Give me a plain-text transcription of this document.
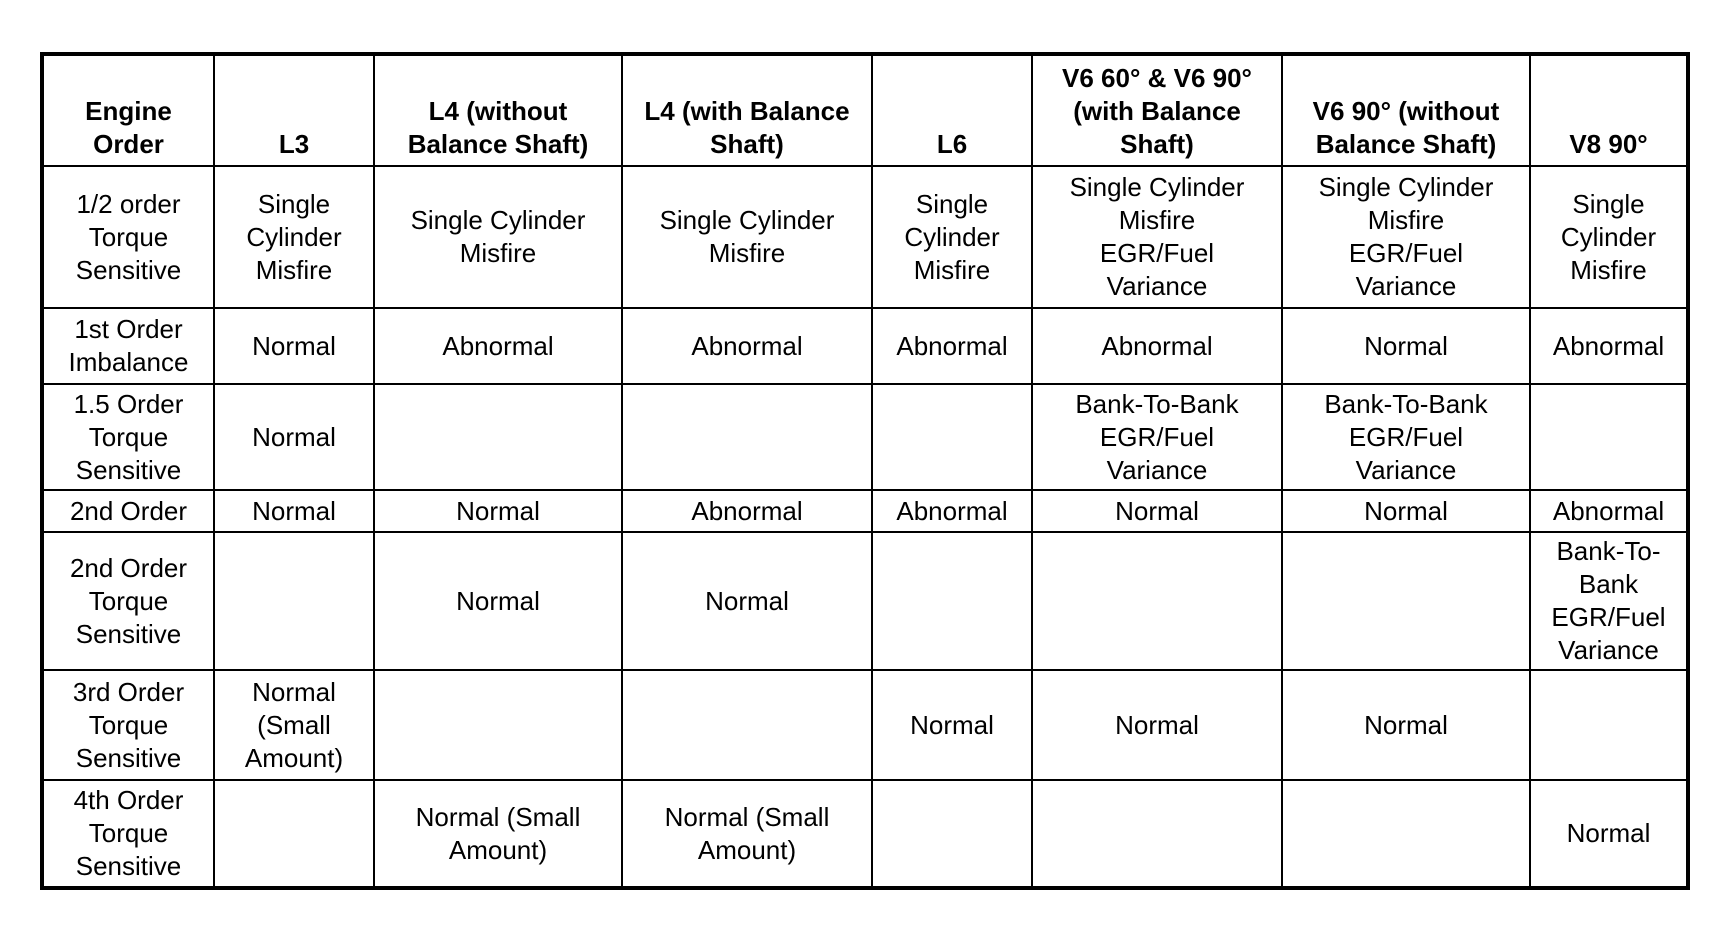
Engine
Order	L3	L4 (without
Balance Shaft)	L4 (with Balance
Shaft)	L6	V6 60° & V6 90°
(with Balance
Shaft)	V6 90° (without
Balance Shaft)	V8 90°
1/2 order
Torque
Sensitive	Single
Cylinder
Misfire	Single Cylinder
Misfire	Single Cylinder
Misfire	Single
Cylinder
Misfire	Single Cylinder
Misfire
EGR/Fuel
Variance	Single Cylinder
Misfire
EGR/Fuel
Variance	Single
Cylinder
Misfire
1st Order
Imbalance	Normal	Abnormal	Abnormal	Abnormal	Abnormal	Normal	Abnormal
1.5 Order
Torque
Sensitive	Normal				Bank-To-Bank
EGR/Fuel
Variance	Bank-To-Bank
EGR/Fuel
Variance	
2nd Order	Normal	Normal	Abnormal	Abnormal	Normal	Normal	Abnormal
2nd Order
Torque
Sensitive		Normal	Normal				Bank-To-
Bank
EGR/Fuel
Variance
3rd Order
Torque
Sensitive	Normal
(Small
Amount)			Normal	Normal	Normal	
4th Order
Torque
Sensitive		Normal (Small
Amount)	Normal (Small
Amount)				Normal
